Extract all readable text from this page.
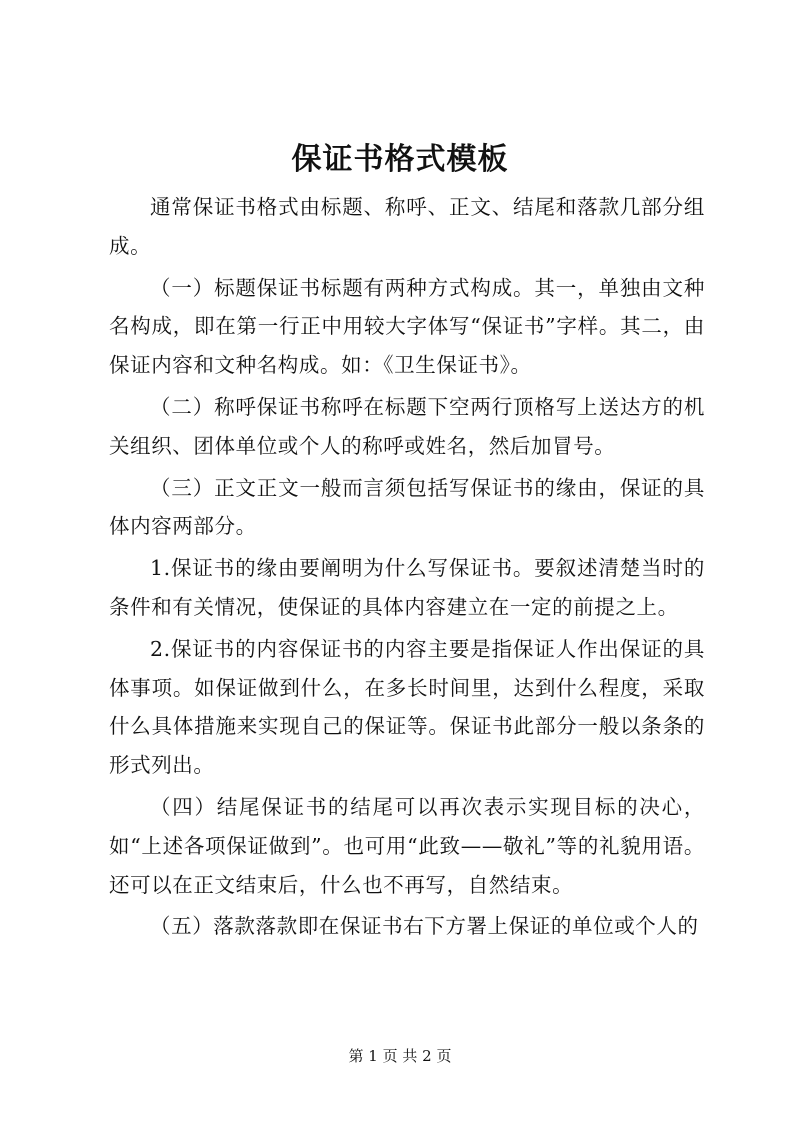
保证书格式模板

通常保证书格式由标题、称呼、正文、结尾和落款几部分组成。

（一）标题保证书标题有两种方式构成。其一，单独由文种名构成，即在第一行正中用较大字体写“保证书”字样。其二，由保证内容和文种名构成。如：《卫生保证书》。

（二）称呼保证书称呼在标题下空两行顶格写上送达方的机关组织、团体单位或个人的称呼或姓名，然后加冒号。

（三）正文正文一般而言须包括写保证书的缘由，保证的具体内容两部分。

1.保证书的缘由要阐明为什么写保证书。要叙述清楚当时的条件和有关情况，使保证的具体内容建立在一定的前提之上。

2.保证书的内容保证书的内容主要是指保证人作出保证的具体事项。如保证做到什么，在多长时间里，达到什么程度，采取什么具体措施来实现自己的保证等。保证书此部分一般以条条的形式列出。

（四）结尾保证书的结尾可以再次表示实现目标的决心，如“上述各项保证做到”。也可用“此致——敬礼”等的礼貌用语。还可以在正文结束后，什么也不再写，自然结束。

（五）落款落款即在保证书右下方署上保证的单位或个人的

第 1 页 共 2 页
